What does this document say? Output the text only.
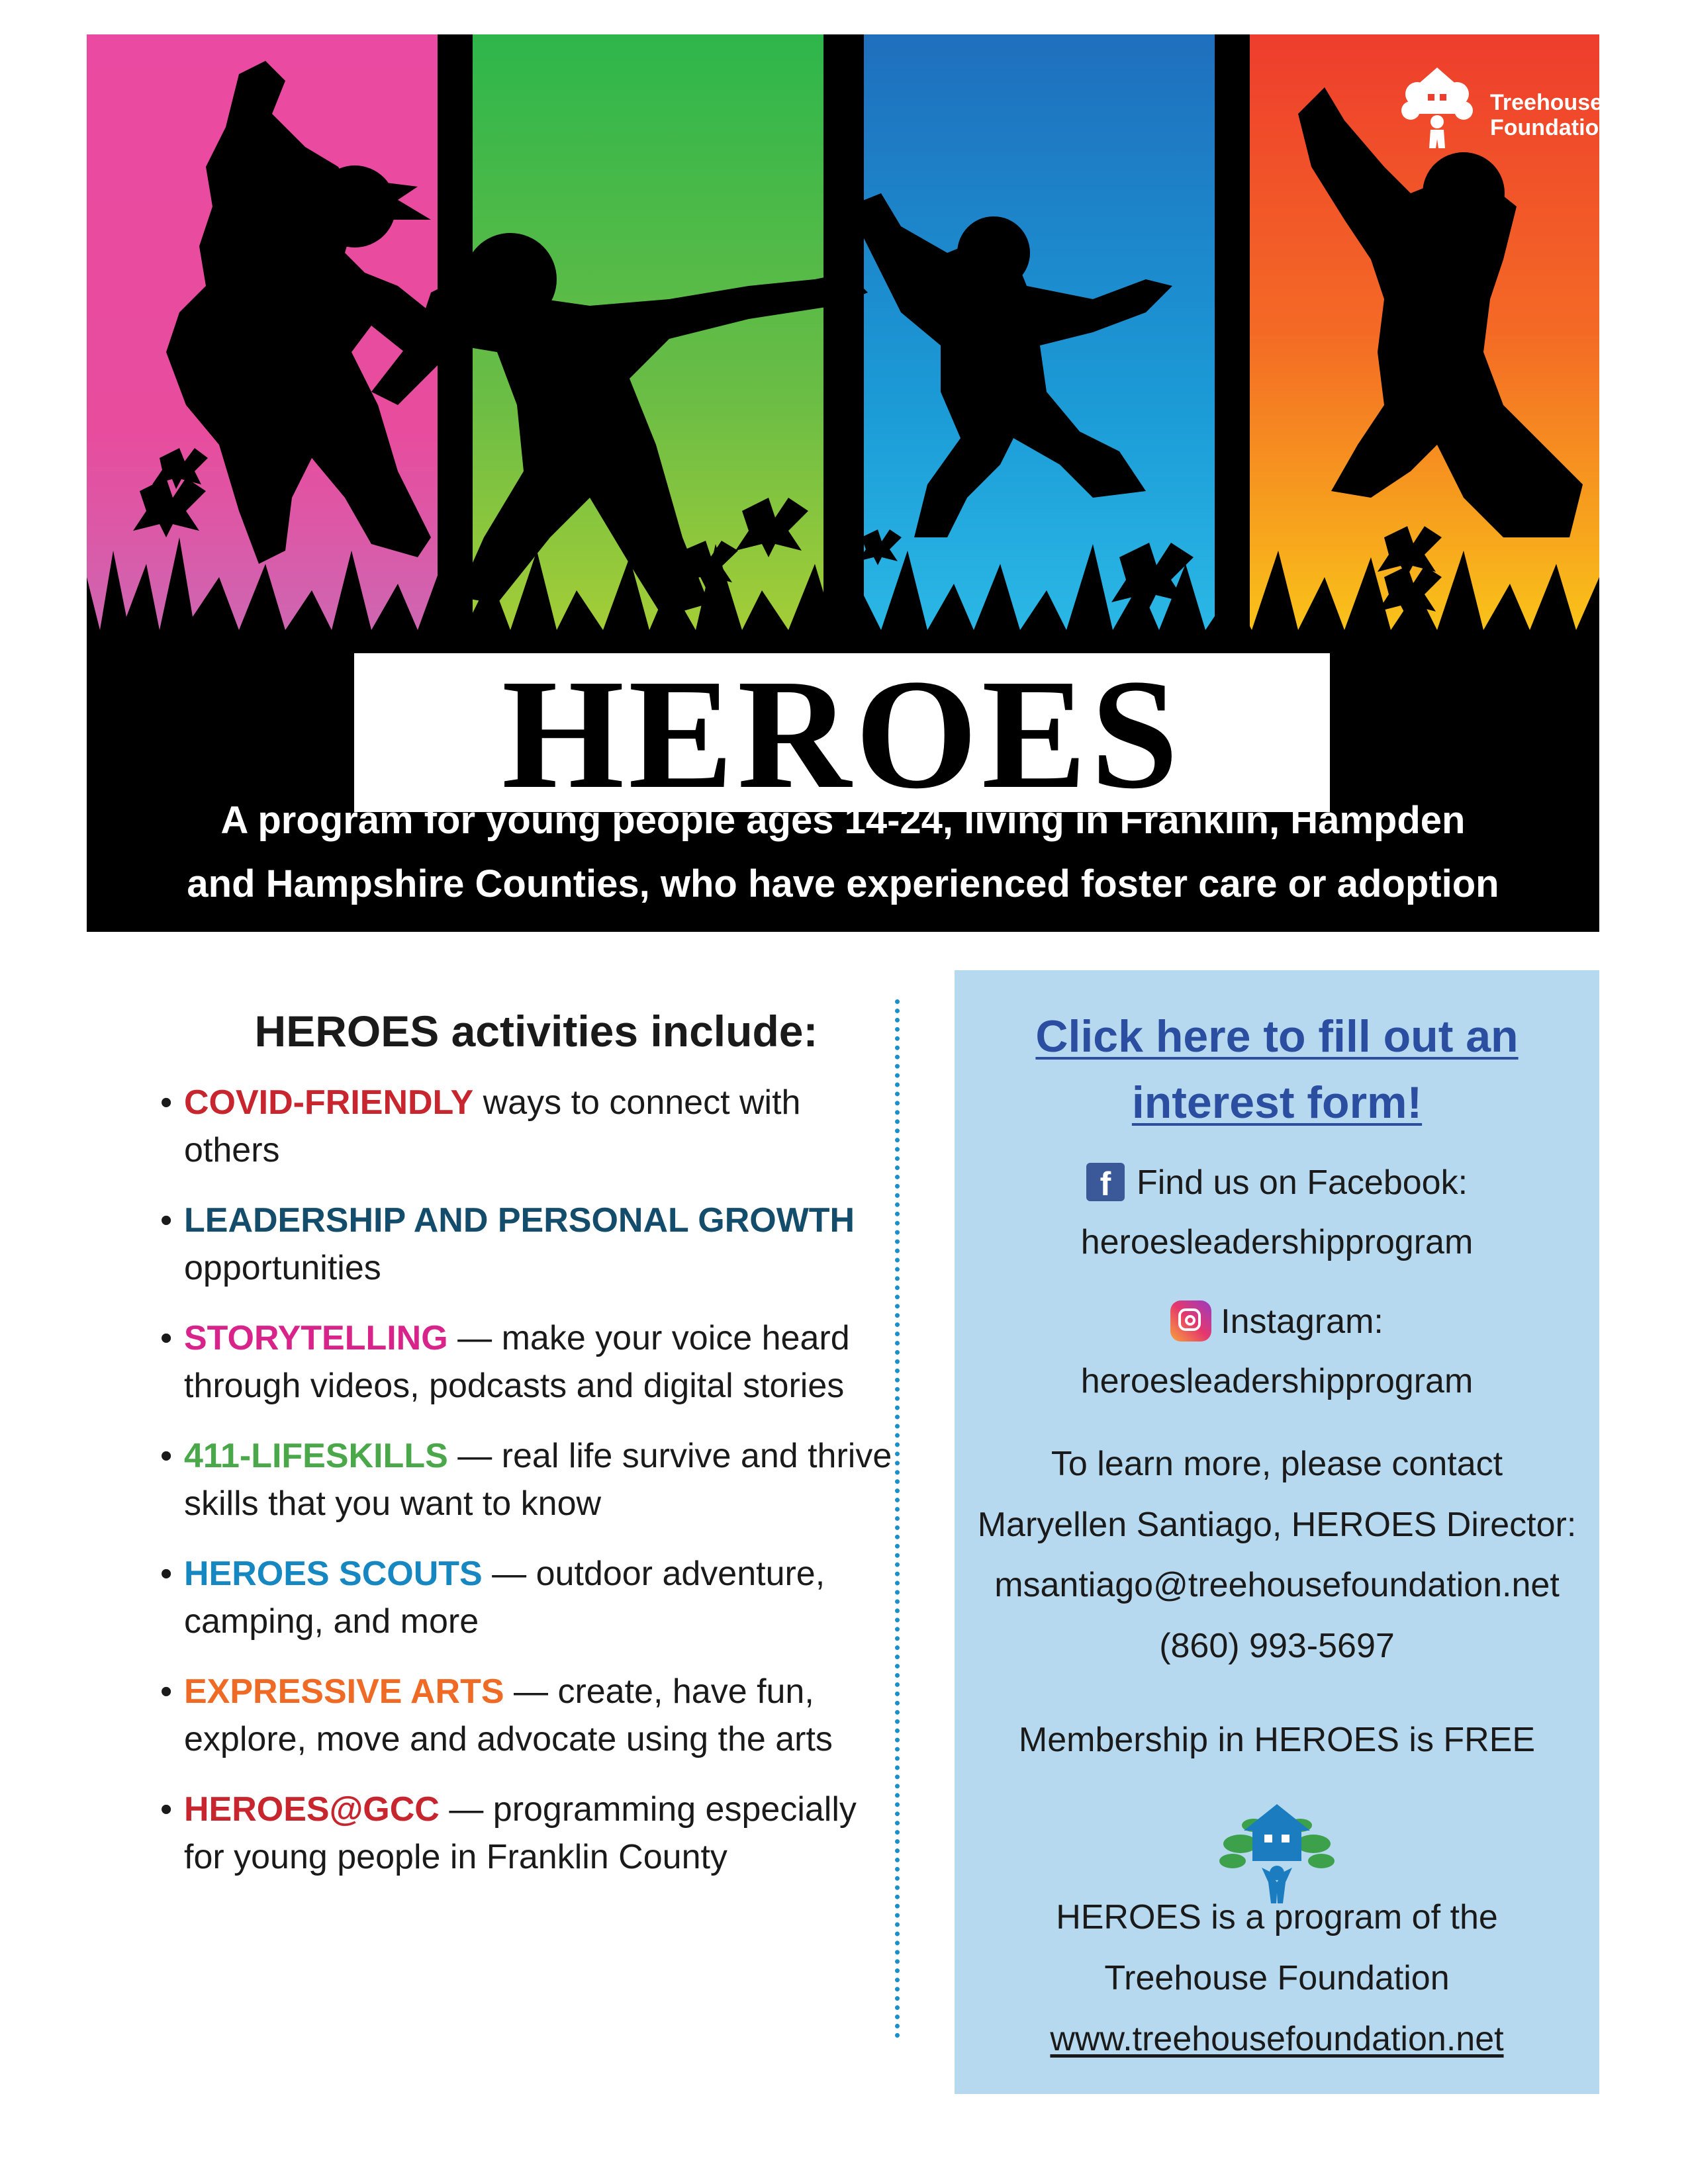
Treehouse
Foundation
HEROES
A program for young people ages 14-24, living in Franklin, Hampden
and Hampshire Counties, who have experienced foster care or adoption
HEROES activities include:
• COVID-FRIENDLY ways to connect with others
• LEADERSHIP AND PERSONAL GROWTH opportunities
• STORYTELLING — make your voice heard through videos, podcasts and digital stories
• 411-LIFESKILLS — real life survive and thrive skills that you want to know
• HEROES SCOUTS — outdoor adventure, camping, and more
• EXPRESSIVE ARTS — create, have fun, explore, move and advocate using the arts
• HEROES@GCC — programming especially for young people in Franklin County
Click here to fill out an
interest form!
f Find us on Facebook:
heroesleadershipprogram
Instagram:
heroesleadershipprogram
To learn more, please contact
Maryellen Santiago, HEROES Director:
msantiago@treehousefoundation.net
(860) 993-5697
Membership in HEROES is FREE
HEROES is a program of the
Treehouse Foundation
www.treehousefoundation.net
